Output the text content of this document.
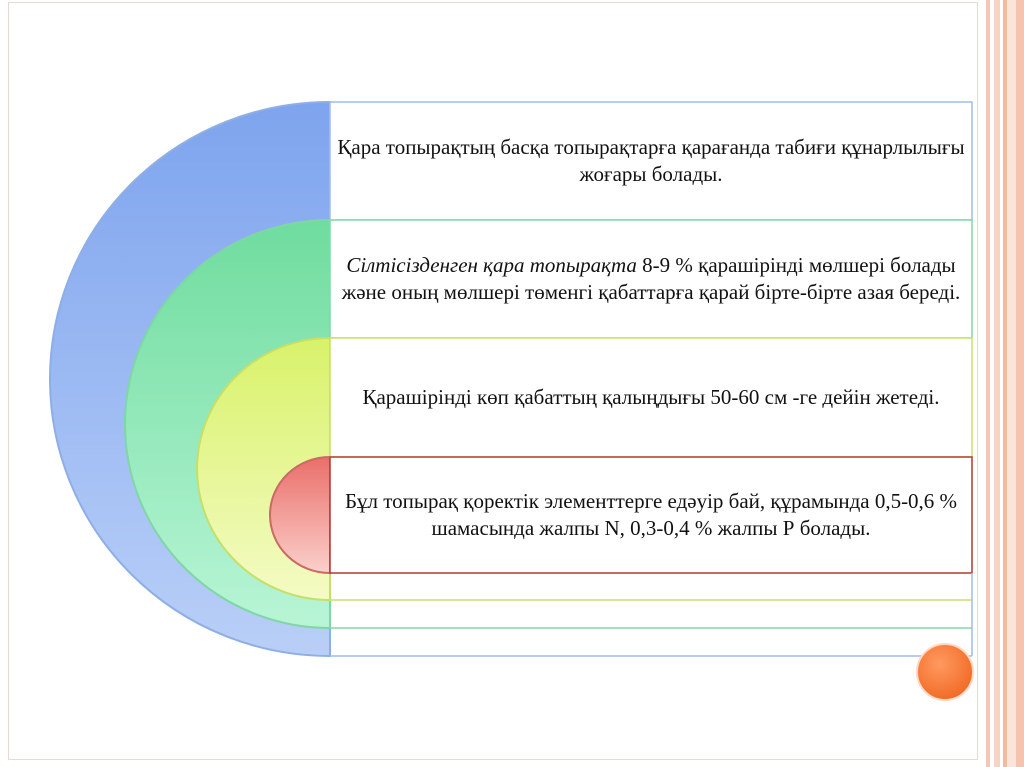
Қара топырақтың басқа топырақтарға қарағанда табиғи құнарлылығы жоғары болады.
Сілтісізденген қара топырақта 8-9 % қарашіріндi мөлшері болады және оның мөлшері төменгі қабаттарға қарай бірте-бірте азая береді.
Қарашірінді көп қабаттың қалыңдығы 50-60 см -ге дейін жетеді.
Бұл топырақ қоректік элементтерге едәуір бай, құрамында 0,5-0,6 % шамасында жалпы N, 0,3-0,4 % жалпы Р болады.
